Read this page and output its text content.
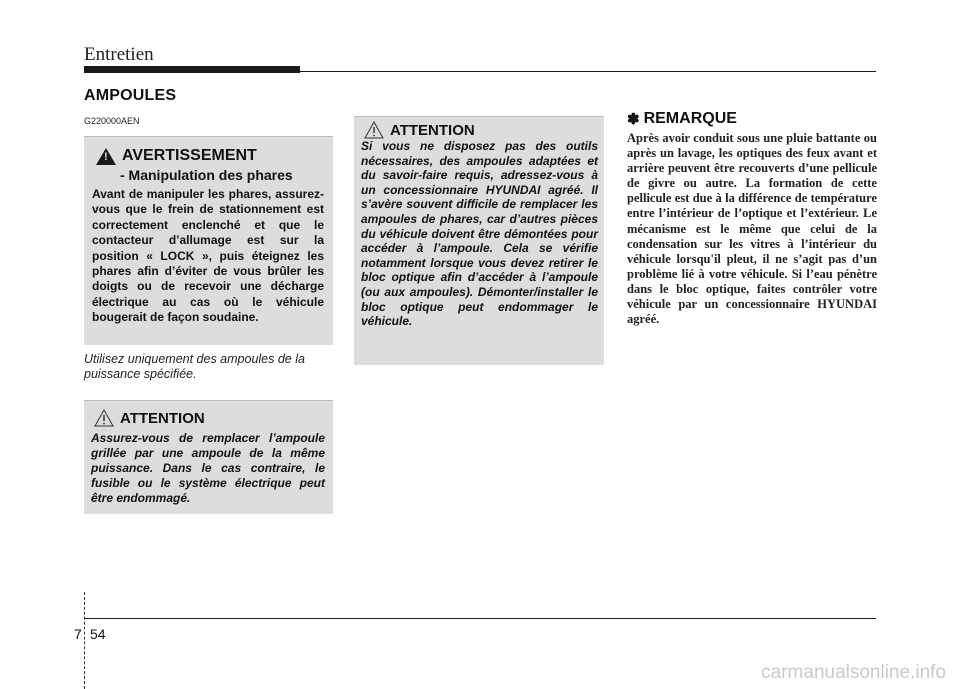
Entretien
AMPOULES
G220000AEN
!
AVERTISSEMENT
- Manipulation des phares
Avant de manipuler les phares, assurez-vous que le frein de stationnement est correctement enclenché et que le contacteur d’allumage est sur la position « LOCK », puis éteignez les phares afin d’éviter de vous brûler les doigts ou de recevoir une décharge électrique au cas où le véhicule bougerait de façon soudaine.
Utilisez uniquement des ampoules de la puissance spécifiée.
ATTENTION
Assurez-vous de remplacer l’ampoule grillée par une ampoule de la même puissance. Dans le cas contraire, le fusible ou le système électrique peut être endommagé.
ATTENTION
Si vous ne disposez pas des outils nécessaires, des ampoules adaptées et du savoir-faire requis, adressez-vous à un concessionnaire HYUNDAI agréé. Il s’avère souvent difficile de remplacer les ampoules de phares, car d’autres pièces du véhicule doivent être démontées pour accéder à l’ampoule. Cela se vérifie notamment lorsque vous devez retirer le bloc optique afin d’accéder à l’ampoule (ou aux ampoules). Démonter/installer le bloc optique peut endommager le véhicule.
✽ REMARQUE
Après avoir conduit sous une pluie battante ou après un lavage, les optiques des feux avant et arrière peuvent être recouverts d’une pellicule de givre ou autre. La formation de cette pellicule est due à la différence de température entre l’intérieur de l’optique et l’extérieur. Le mécanisme est le même que celui de la condensation sur les vitres à l’intérieur du véhicule lorsqu'il pleut, il ne s’agit pas d’un problème lié à votre véhicule. Si l’eau pénètre dans le bloc optique, faites contrôler votre véhicule par un concessionnaire HYUNDAI agréé.
7 54
carmanualsonline.info
